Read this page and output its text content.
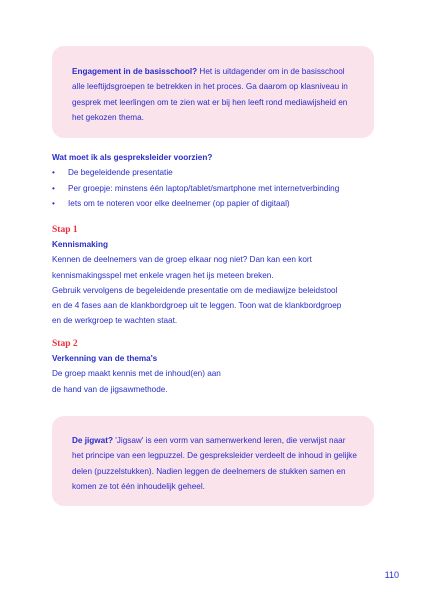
Engagement in de basisschool? Het is uitdagender om in de basisschool alle leeftijdsgroepen te betrekken in het proces. Ga daarom op klasniveau in gesprek met leerlingen om te zien wat er bij hen leeft rond mediawijsheid en het gekozen thema.

Wat moet ik als gespreksleider voorzien?

• De begeleidende presentatie
• Per groepje: minstens één laptop/tablet/smartphone met internetverbinding
• Iets om te noteren voor elke deelnemer (op papier of digitaal)

Stap 1

Kennismaking

Kennen de deelnemers van de groep elkaar nog niet? Dan kan een kort

kennismakingsspel met enkele vragen het ijs meteen breken.

Gebruik vervolgens de begeleidende presentatie om de mediawijze beleidstool

en de 4 fases aan de klankbordgroep uit te leggen. Toon wat de klankbordgroep

en de werkgroep te wachten staat.

Stap 2

Verkenning van de thema's

De groep maakt kennis met de inhoud(en) aan

de hand van de jigsawmethode.

De jigwat? 'Jigsaw' is een vorm van samenwerkend leren, die verwijst naar het principe van een legpuzzel. De gespreksleider verdeelt de inhoud in gelijke delen (puzzelstukken). Nadien leggen de deelnemers de stukken samen en komen ze tot één inhoudelijk geheel.

110
